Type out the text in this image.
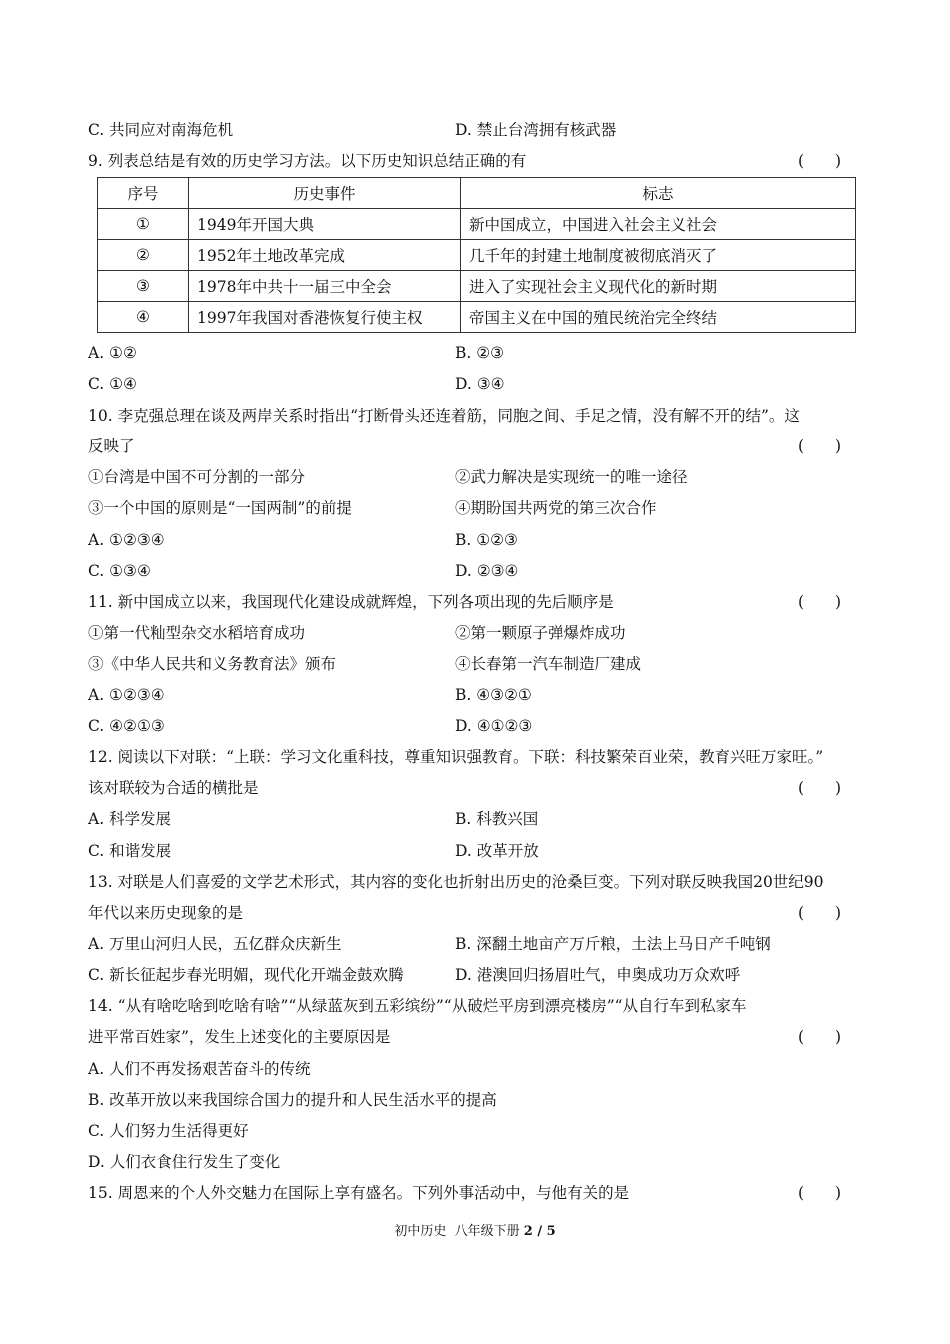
C. 共同应对南海危机	D. 禁止台湾拥有核武器
9. 列表总结是有效的历史学习方法。以下历史知识总结正确的有	(　　)
序号	历史事件	标志
①	1949年开国大典	新中国成立，中国进入社会主义社会
②	1952年土地改革完成	几千年的封建土地制度被彻底消灭了
③	1978年中共十一届三中全会	进入了实现社会主义现代化的新时期
④	1997年我国对香港恢复行使主权	帝国主义在中国的殖民统治完全终结
A. ①②	B. ②③
C. ①④	D. ③④
10. 李克强总理在谈及两岸关系时指出“打断骨头还连着筋，同胞之间、手足之情，没有解不开的结”。这
反映了	(　　)
①台湾是中国不可分割的一部分	②武力解决是实现统一的唯一途径
③一个中国的原则是“一国两制”的前提	④期盼国共两党的第三次合作
A. ①②③④	B. ①②③
C. ①③④	D. ②③④
11. 新中国成立以来，我国现代化建设成就辉煌，下列各项出现的先后顺序是	(　　)
①第一代籼型杂交水稻培育成功	②第一颗原子弹爆炸成功
③《中华人民共和义务教育法》颁布	④长春第一汽车制造厂建成
A. ①②③④	B. ④③②①
C. ④②①③	D. ④①②③
12. 阅读以下对联：“上联：学习文化重科技，尊重知识强教育。下联：科技繁荣百业荣，教育兴旺万家旺。”
该对联较为合适的横批是	(　　)
A. 科学发展	B. 科教兴国
C. 和谐发展	D. 改革开放
13. 对联是人们喜爱的文学艺术形式，其内容的变化也折射出历史的沧桑巨变。下列对联反映我国20世纪90
年代以来历史现象的是	(　　)
A. 万里山河归人民，五亿群众庆新生	B. 深翻土地亩产万斤粮，土法上马日产千吨钢
C. 新长征起步春光明媚，现代化开端金鼓欢腾	D. 港澳回归扬眉吐气，申奥成功万众欢呼
14. “从有啥吃啥到吃啥有啥”“从绿蓝灰到五彩缤纷”“从破烂平房到漂亮楼房”“从自行车到私家车
进平常百姓家”，发生上述变化的主要原因是	(　　)
A. 人们不再发扬艰苦奋斗的传统
B. 改革开放以来我国综合国力的提升和人民生活水平的提高
C. 人们努力生活得更好
D. 人们衣食住行发生了变化
15. 周恩来的个人外交魅力在国际上享有盛名。下列外事活动中，与他有关的是	(　　)
初中历史  八年级下册 2 / 5
